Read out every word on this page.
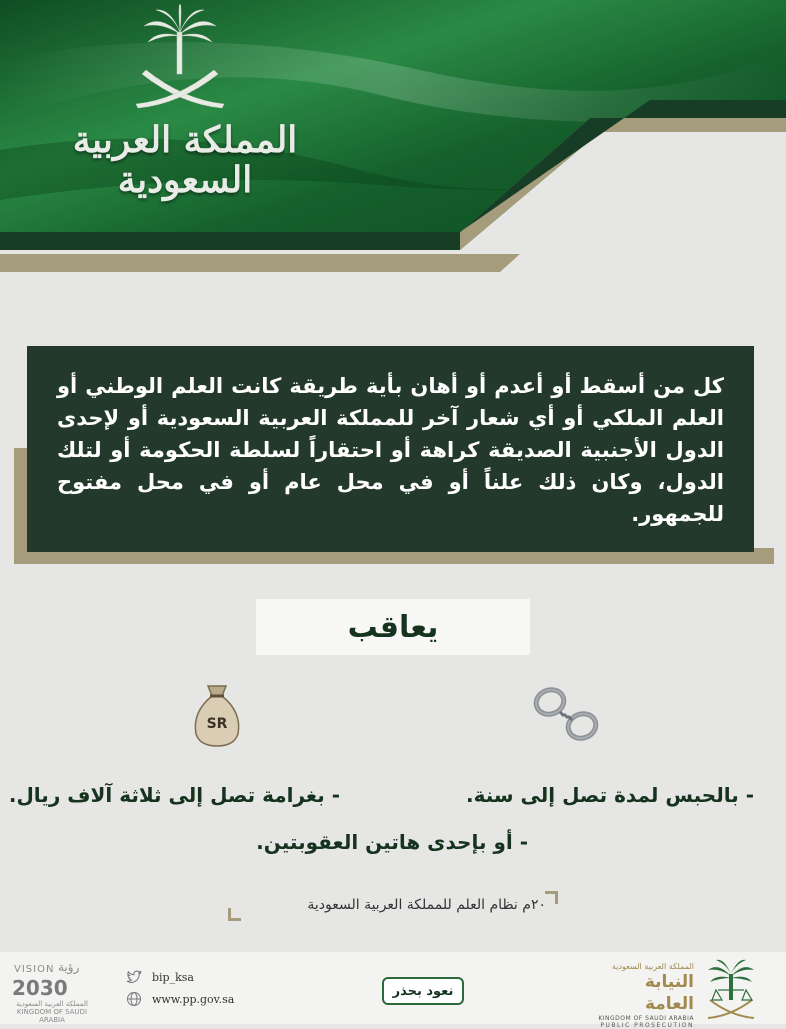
المملكة العربية السعودية

كل من أسقط أو أعدم أو أهان بأية طريقة كانت العلم الوطني أو العلم الملكي أو أي شعار آخر للمملكة العربية السعودية أو لإحدى الدول الأجنبية الصديقة كراهة أو احتقاراً لسلطة الحكومة أو لتلك الدول، وكان ذلك علناً أو في محل عام أو في محل مفتوح للجمهور.

يعاقب
SR
- بالحبس لمدة تصل إلى سنة.
- بغرامة تصل إلى ثلاثة آلاف ريال.
- أو بإحدى هاتين العقوبتين.
٢٠م نظام العلم للمملكة العربية السعودية
VISION رؤية
2030
المملكة العربية السعودية KINGDOM OF SAUDI ARABIA
bip_ksa
www.pp.gov.sa
نعود بحذر
المملكة العربية السعودية
النيابة العامة
KINGDOM OF SAUDI ARABIA
PUBLIC PROSECUTION
